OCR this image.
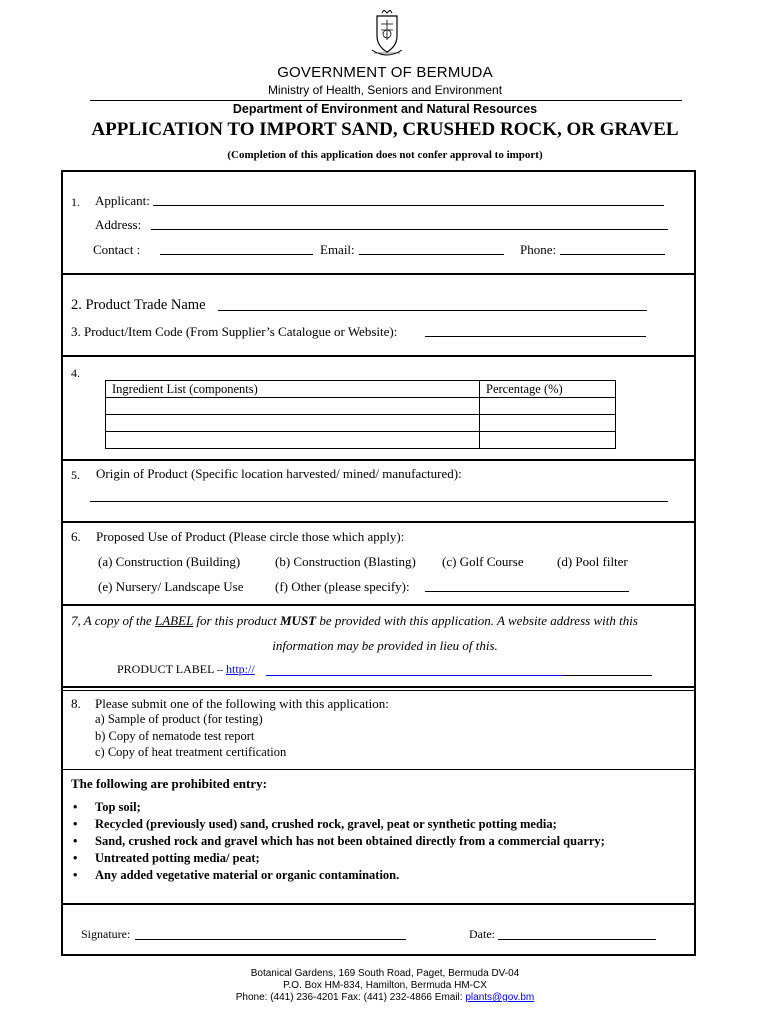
GOVERNMENT OF BERMUDA
Ministry of Health, Seniors and Environment
Department of Environment and Natural Resources
APPLICATION TO IMPORT SAND, CRUSHED ROCK, OR GRAVEL
(Completion of this application does not confer approval to import)
1. Applicant:
Address:
Contact :	Email:	Phone:
2. Product Trade Name
3. Product/Item Code (From Supplier’s Catalogue or Website):
4.
Ingredient List (components)	Percentage (%)

5. Origin of Product (Specific location harvested/ mined/ manufactured):
6. Proposed Use of Product (Please circle those which apply):
(a) Construction (Building)	(b) Construction (Blasting) (c) Golf Course	(d) Pool filter
(e) Nursery/ Landscape Use (f) Other (please specify):
7, A copy of the LABEL for this product MUST be provided with this application. A website address with this
information may be provided in lieu of this.
PRODUCT LABEL – http://
8. Please submit one of the following with this application:
a) Sample of product (for testing)
b) Copy of nematode test report
c) Copy of heat treatment certification
The following are prohibited entry:
• Top soil;
• Recycled (previously used) sand, crushed rock, gravel, peat or synthetic potting media;
• Sand, crushed rock and gravel which has not been obtained directly from a commercial quarry;
• Untreated potting media/ peat;
• Any added vegetative material or organic contamination.
Signature:	Date:
Botanical Gardens, 169 South Road, Paget, Bermuda DV-04
P.O. Box HM-834, Hamilton, Bermuda HM-CX
Phone: (441) 236-4201 Fax: (441) 232-4866 Email: plants@gov.bm
